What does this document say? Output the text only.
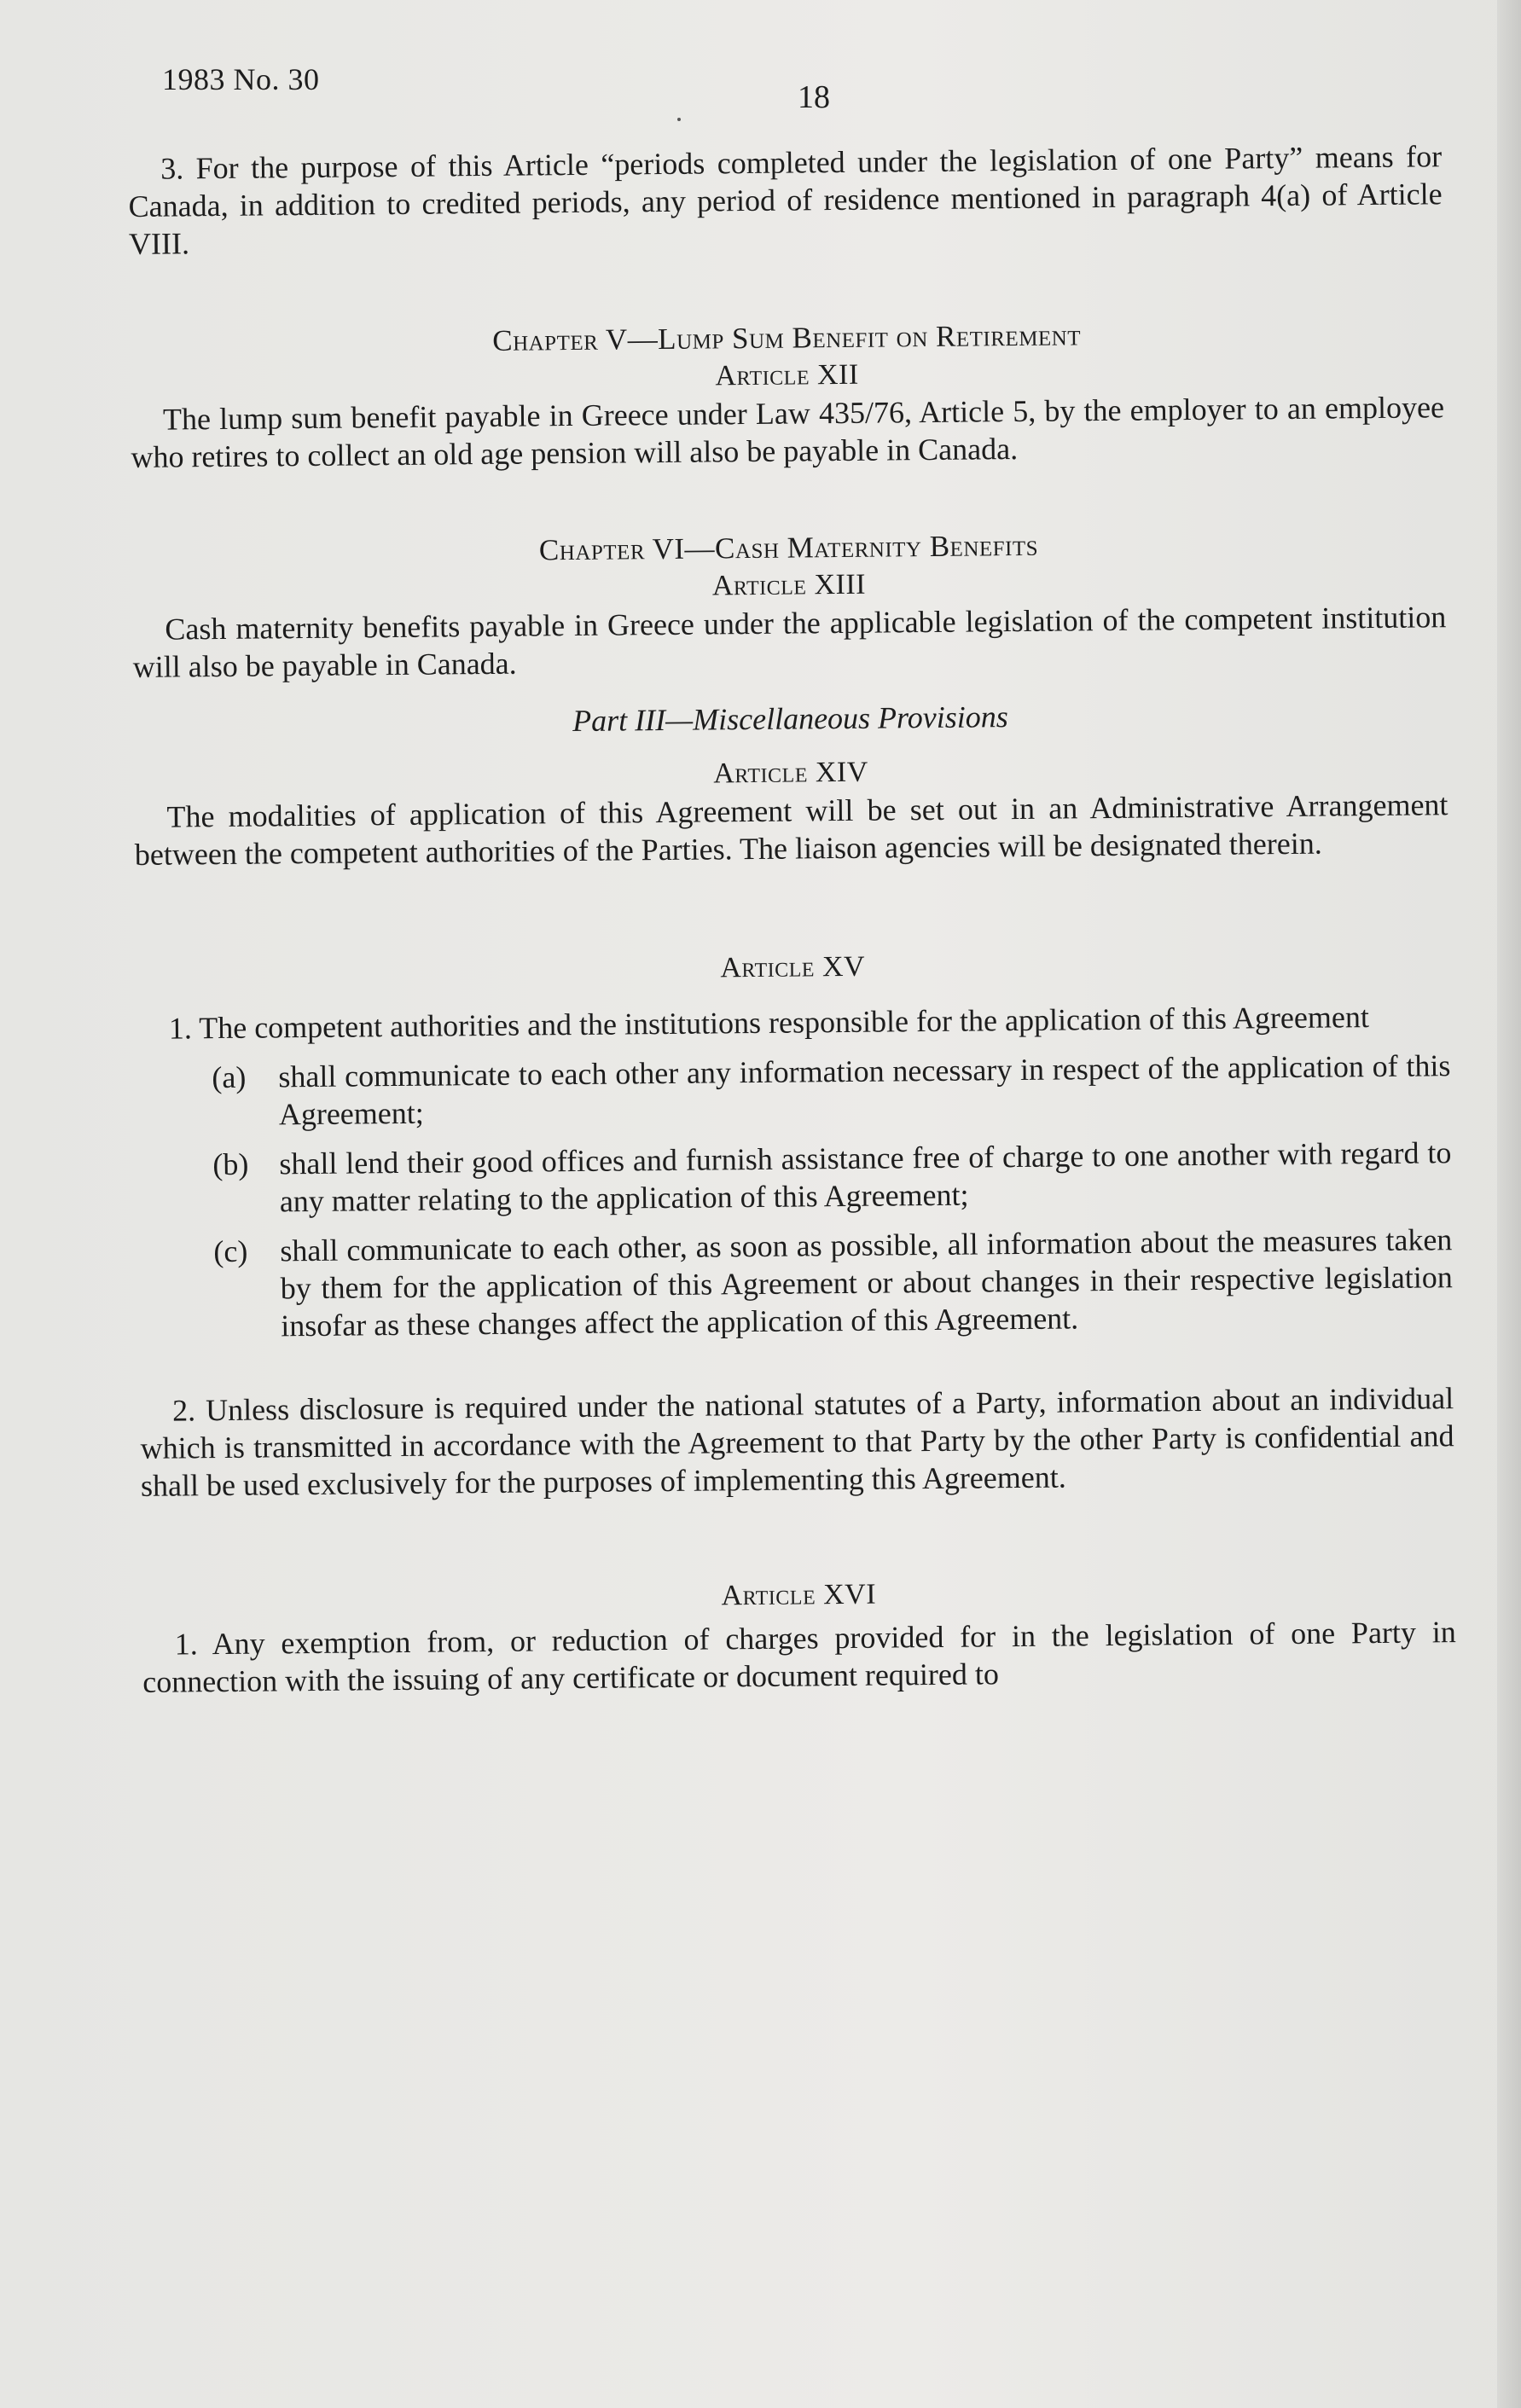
1983 No. 30	18

3. For the purpose of this Article “periods completed under the legislation of one Party” means for Canada, in addition to credited periods, any period of residence mentioned in paragraph 4(a) of Article VIII.

Chapter V—Lump Sum Benefit on Retirement

Article XII

The lump sum benefit payable in Greece under Law 435/76, Article 5, by the employer to an employee who retires to collect an old age pension will also be payable in Canada.

Chapter VI—Cash Maternity Benefits

Article XIII

Cash maternity benefits payable in Greece under the applicable legislation of the competent institution will also be payable in Canada.

Part III—Miscellaneous Provisions

Article XIV

The modalities of application of this Agreement will be set out in an Administrative Arrangement between the competent authorities of the Parties. The liaison agencies will be designated therein.

Article XV

1. The competent authorities and the institutions responsible for the application of this Agreement

(a)	shall communicate to each other any information necessary in respect of the application of this Agreement;
(b) shall lend their good offices and furnish assistance free of charge to one another with regard to any matter relating to the application of this Agreement;
(c)	shall communicate to each other, as soon as possible, all information about the measures taken by them for the application of this Agreement or about changes in their respective legislation insofar as these changes affect the application of this Agreement.

2. Unless disclosure is required under the national statutes of a Party, information about an individual which is transmitted in accordance with the Agreement to that Party by the other Party is confidential and shall be used exclusively for the purposes of implementing this Agreement.

Article XVI

1. Any exemption from, or reduction of charges provided for in the legislation of one Party in connection with the issuing of any certificate or document required to
